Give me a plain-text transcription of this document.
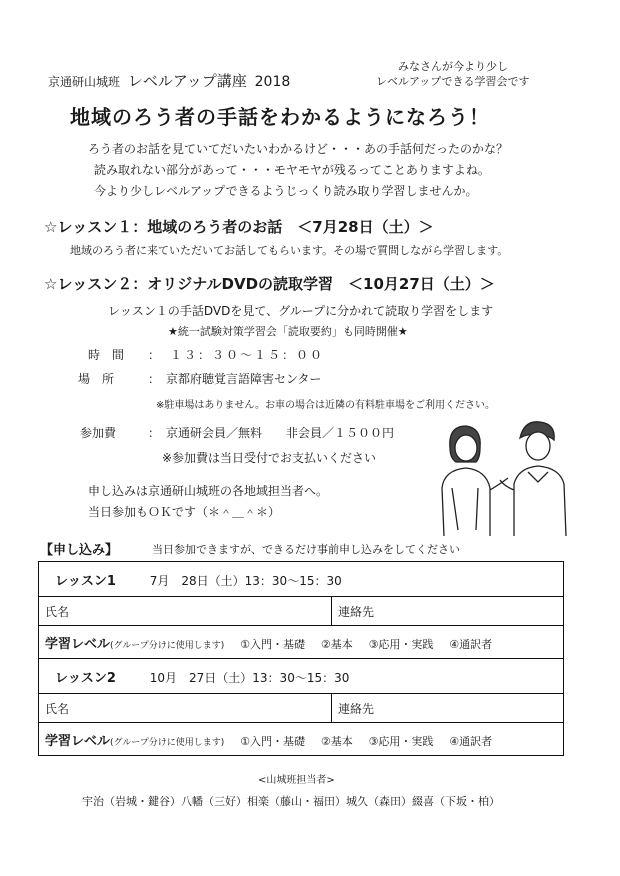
京通研山城班 レベルアップ講座 2018
みなさんが今より少し
レベルアップできる学習会です
地域のろう者の手話をわかるようになろう！
ろう者のお話を見ていてだいたいわかるけど・・・あの手話何だったのかな？
読み取れない部分があって・・・モヤモヤが残るってことありますよね。
今より少しレベルアップできるようじっくり読み取り学習しませんか。
☆レッスン１：地域のろう者のお話　＜7月28日（土）＞
地域のろう者に来ていただいてお話してもらいます。その場で質問しながら学習します。
☆レッスン２：オリジナルDVDの読取学習　＜10月27日（土）＞
レッスン１の手話DVDを見て、グループに分かれて読取り学習をします
★統一試験対策学習会「読取要約」も同時開催★
時　間 ：　１３：３０〜１５：００
場　所	：　京都府聴覚言語障害センター
※駐車場はありません。お車の場合は近隣の有料駐車場をご利用ください。
参加費	：　京通研会員／無料　　非会員／１５００円
※参加費は当日受付でお支払いください
申し込みは京通研山城班の各地域担当者へ。
当日参加もＯＫです（＊＾＿＾＊）
【申し込み】	当日参加できますが、できるだけ事前申し込みをしてください
レッスン1 7月　28日（土）13：30〜15：30	
氏名	連絡先
学習レベル(グループ分けに使用します) ①入門・基礎 ②基本 ③応用・実践 ④通訳者	
レッスン2 10月　27日（土）13：30〜15：30	
氏名	連絡先
学習レベル(グループ分けに使用します) ①入門・基礎 ②基本 ③応用・実践 ④通訳者	
<山城班担当者>
宇治（岩城・鍵谷）八幡（三好）相楽（藤山・福田）城久（森田）綴喜（下坂・柏）
